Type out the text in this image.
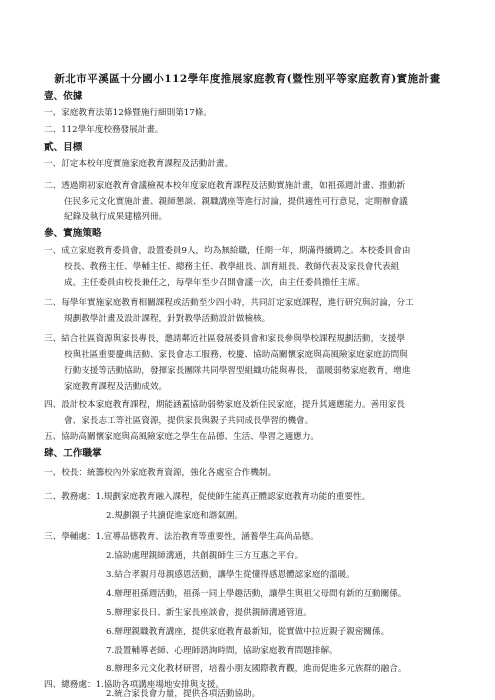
新北市平溪區十分國小112學年度推展家庭教育(暨性別平等家庭教育)實施計畫
壹、依據
一、家庭教育法第12條暨施行細則第17條。
二、112學年度校務發展計畫。
貳、目標
一、訂定本校年度實施家庭教育課程及活動計畫。
二、透過期初家庭教育會議檢視本校年度家庭教育課程及活動實施計畫，如祖孫週計畫、推動新
住民多元文化實施計畫、親師懇談、親職講座等進行討論，提供適性可行意見，定期辦會議
紀錄及執行成果建檔列冊。
參、實施策略
一、成立家庭教育委員會，設置委員9人，均為無給職，任期一年，期滿得續聘之。本校委員會由
校長、教務主任、學輔主任、總務主任、教學組長、訓育組長、教師代表及家長會代表組
成。主任委員由校長兼任之，每學年至少召開會議一次，由主任委員擔任主席。
二、每學年實施家庭教育相關課程或活動至少四小時，共同訂定家庭課程，進行研究與討論，分工
規劃教學計畫及設計課程，針對教學活動設計做檢核。
三、結合社區資源與家長專長，邀請鄰近社區發展委員會和家長參與學校課程規劃活動，支援學
校與社區重要慶典活動、家長會志工服務、校慶、協助高關懷家庭與高風險家庭家庭訪問與
行動支援等活動協助，發揮家長團隊共同學習型組織功能與專長， 溫暖弱勢家庭教育，增進
家庭教育課程及活動成效。
四、設計校本家庭教育課程，期能涵蓋協助弱勢家庭及新住民家庭，提升其適應能力。善用家長
會、家長志工等社區資源，提供家長與親子共同成長學習的機會。
五、協助高關懷家庭與高風險家庭之學生在品德、生活、學習之適應力。
肆、工作職掌
一、校長：統籌校內外家庭教育資源，強化各處室合作機制。
二、教務處：1.規劃家庭教育融入課程，促使師生能真正體認家庭教育功能的重要性。
2.規劃親子共讀促進家庭和諧氣圍。
三、學輔處：1.宣導品德教育、法治教育等重要性，涵養學生高尚品德。
2.協助處理親師溝通，共創親師生三方互惠之平台。
3.結合孝親月母親感恩活動，讓學生從懂得感恩體認家庭的溫暖。
4.辦理祖孫週活動，祖孫一同上學趣活動，讓學生與祖父母間有新的互動關係。
5.辦理家長日、新生家長座談會，提供親師溝通管道。
6.辦理親職教育講座，提供家庭教育最新知，從實做中拉近親子親密關係。
7.設置輔導老師、心理師諮詢時間，協助家庭教育問題排解。
8.辦理多元文化教材研習，培養小朋友國際教育觀，進而促進多元族群的融合。
四、總務處：1.協助各項講座場地安排與支援。
2.統合家長會力量，提供各項活動協助。
